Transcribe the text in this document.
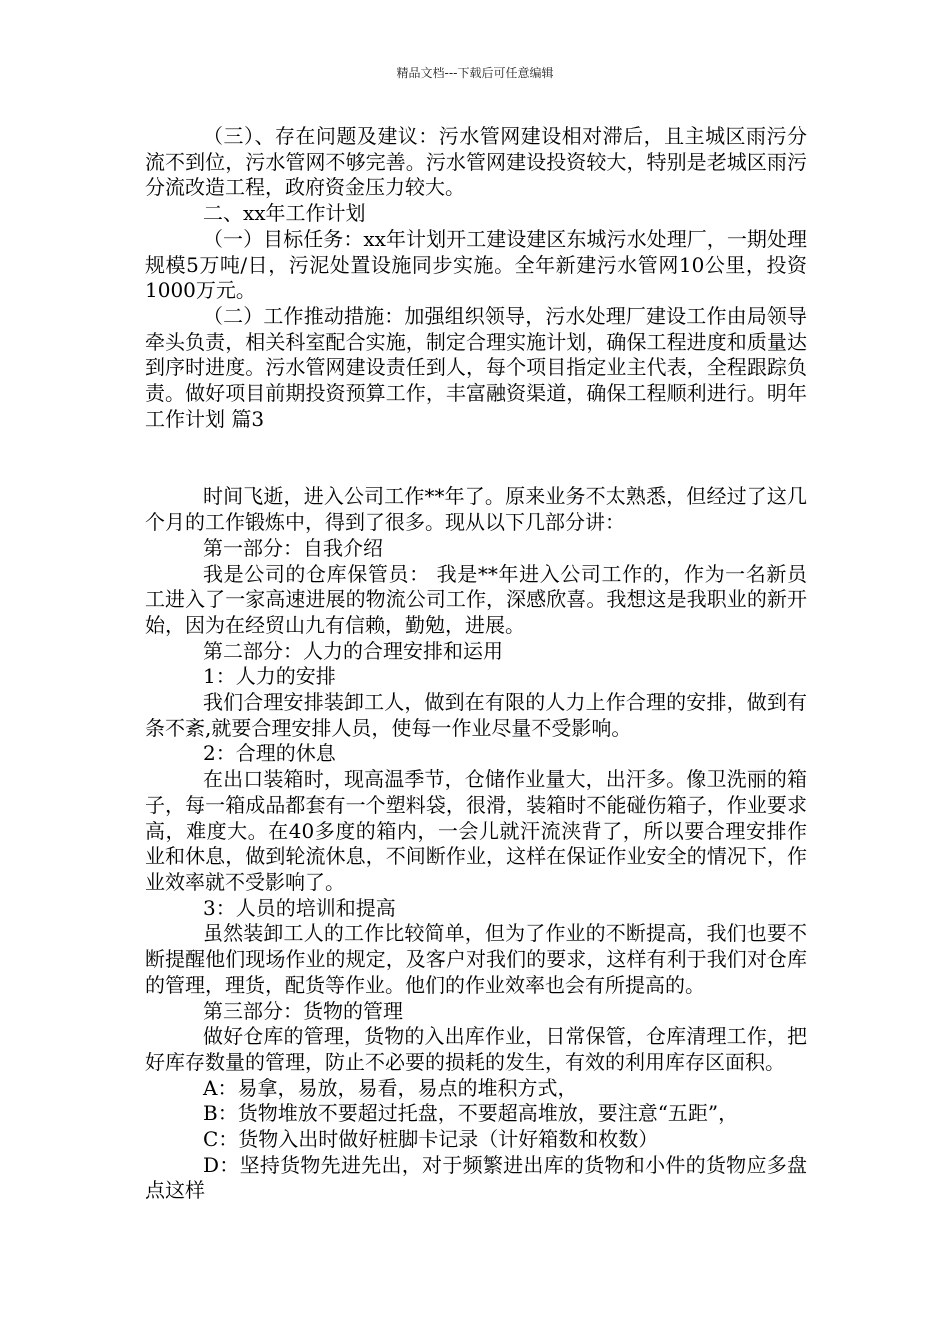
精品文档---下载后可任意编辑

（三）、存在问题及建议：污水管网建设相对滞后，且主城区雨污分流不到位，污水管网不够完善。污水管网建设投资较大，特别是老城区雨污分流改造工程，政府资金压力较大。

二、xx年工作计划

（一）目标任务：xx年计划开工建设建区东城污水处理厂，一期处理规模5万吨/日，污泥处置设施同步实施。全年新建污水管网10公里，投资1000万元。

（二）工作推动措施：加强组织领导，污水处理厂建设工作由局领导牵头负责，相关科室配合实施，制定合理实施计划，确保工程进度和质量达到序时进度。污水管网建设责任到人，每个项目指定业主代表，全程跟踪负责。做好项目前期投资预算工作，丰富融资渠道，确保工程顺利进行。明年工作计划 篇3

时间飞逝，进入公司工作**年了。原来业务不太熟悉，但经过了这几个月的工作锻炼中，得到了很多。现从以下几部分讲：

第一部分：自我介绍

我是公司的仓库保管员： 我是**年进入公司工作的，作为一名新员工进入了一家高速进展的物流公司工作，深感欣喜。我想这是我职业的新开始，因为在经贸山九有信赖，勤勉，进展。

第二部分：人力的合理安排和运用

1：人力的安排

我们合理安排装卸工人，做到在有限的人力上作合理的安排，做到有条不紊,就要合理安排人员，使每一作业尽量不受影响。

2：合理的休息

在出口装箱时，现高温季节，仓储作业量大，出汗多。像卫洗丽的箱子，每一箱成品都套有一个塑料袋，很滑，装箱时不能碰伤箱子，作业要求高，难度大。在40多度的箱内，一会儿就汗流浃背了，所以要合理安排作业和休息，做到轮流休息，不间断作业，这样在保证作业安全的情况下，作业效率就不受影响了。

3：人员的培训和提高

虽然装卸工人的工作比较简单，但为了作业的不断提高，我们也要不断提醒他们现场作业的规定，及客户对我们的要求，这样有利于我们对仓库的管理，理货，配货等作业。他们的作业效率也会有所提高的。

第三部分：货物的管理

做好仓库的管理，货物的入出库作业，日常保管，仓库清理工作，把好库存数量的管理，防止不必要的损耗的发生，有效的利用库存区面积。

A：易拿，易放，易看，易点的堆积方式，

B：货物堆放不要超过托盘，不要超高堆放，要注意“五距”，

C：货物入出时做好桩脚卡记录（计好箱数和枚数）

D：坚持货物先进先出，对于频繁进出库的货物和小件的货物应多盘点这样
